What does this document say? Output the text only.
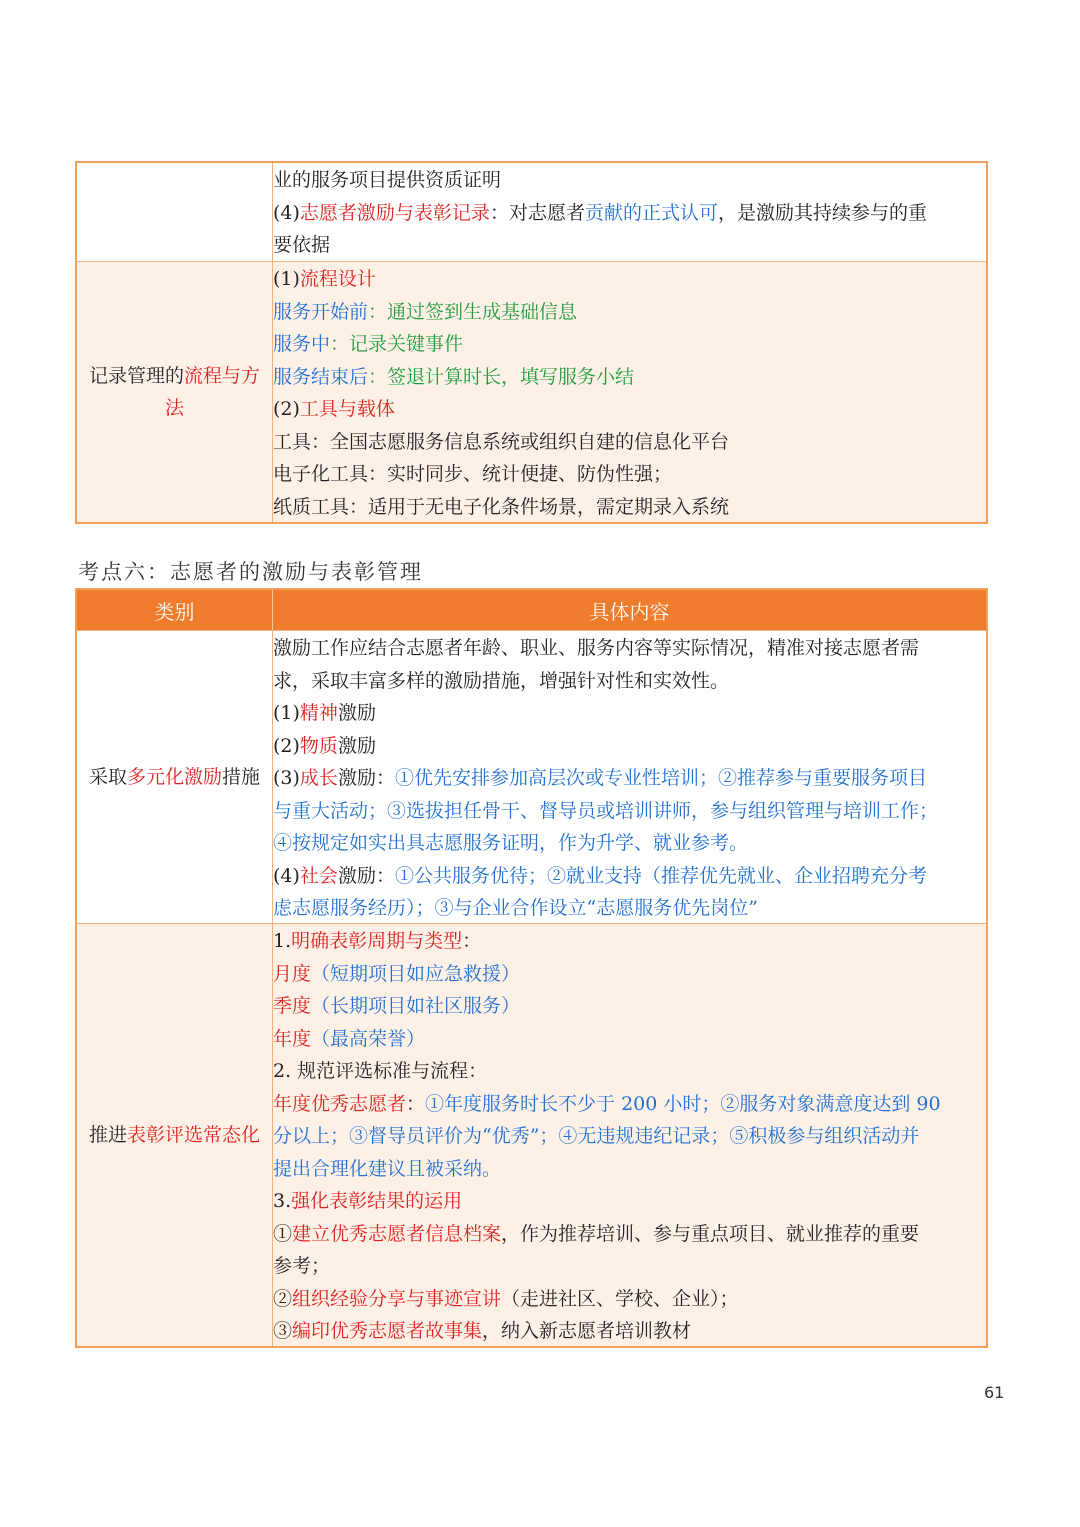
业的服务项目提供资质证明
(4)志愿者激励与表彰记录：对志愿者贡献的正式认可，是激励其持续参与的重
要依据
记录管理的流程与方法
(1)流程设计
服务开始前：通过签到生成基础信息
服务中：记录关键事件
服务结束后：签退计算时长，填写服务小结
(2)工具与载体
工具：全国志愿服务信息系统或组织自建的信息化平台
电子化工具：实时同步、统计便捷、防伪性强；
纸质工具：适用于无电子化条件场景，需定期录入系统
考点六：志愿者的激励与表彰管理
类别	具体内容
采取多元化激励措施
激励工作应结合志愿者年龄、职业、服务内容等实际情况，精准对接志愿者需
求，采取丰富多样的激励措施，增强针对性和实效性。
(1)精神激励
(2)物质激励
(3)成长激励：①优先安排参加高层次或专业性培训；②推荐参与重要服务项目
与重大活动；③选拔担任骨干、督导员或培训讲师，参与组织管理与培训工作；
④按规定如实出具志愿服务证明，作为升学、就业参考。
(4)社会激励：①公共服务优待；②就业支持（推荐优先就业、企业招聘充分考
虑志愿服务经历）；③与企业合作设立“志愿服务优先岗位”
推进表彰评选常态化
1.明确表彰周期与类型：
月度（短期项目如应急救援）
季度（长期项目如社区服务）
年度（最高荣誉）
2. 规范评选标准与流程：
年度优秀志愿者：①年度服务时长不少于 200 小时；②服务对象满意度达到 90
分以上；③督导员评价为“优秀”；④无违规违纪记录；⑤积极参与组织活动并
提出合理化建议且被采纳。
3.强化表彰结果的运用
①建立优秀志愿者信息档案，作为推荐培训、参与重点项目、就业推荐的重要
参考；
②组织经验分享与事迹宣讲（走进社区、学校、企业）；
③编印优秀志愿者故事集，纳入新志愿者培训教材
61
